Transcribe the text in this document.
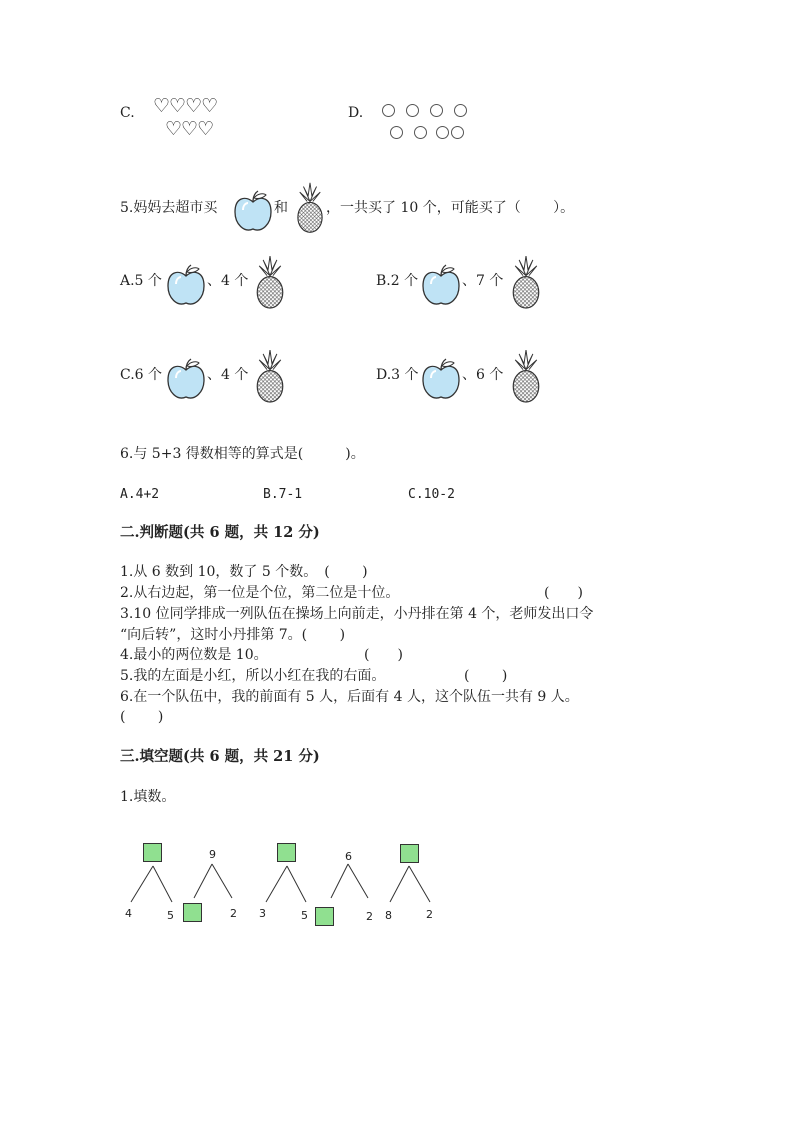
C. ♡♡♡♡
♡♡♡
D.
5.妈妈去超市买	和	，一共买了 10 个，可能买了（　　 ）。
A.5 个	、4 个	B.2 个	、7 个
C.6 个	、4 个	D.3 个	、6 个
6.与 5+3 得数相等的算式是(　　　)。
A.4+2	B.7-1	C.10-2
二.判断题(共 6 题，共 12 分)
1.从 6 数到 10，数了 5 个数。　(　　 )
2.从右边起，第一位是个位，第二位是十位。	(　　)
3.10 位同学排成一列队伍在操场上向前走，小丹排在第 4 个，老师发出口令
“向后转”，这时小丹排第 7。(　　 )
4.最小的两位数是 10。	(　　)
5.我的左面是小红，所以小红在我的右面。	(　　 )
6.在一个队伍中，我的前面有 5 人，后面有 4 人，这个队伍一共有 9 人。
(　　 )
三.填空题(共 6 题，共 21 分)
1.填数。
4	5
9
2 3	5
6
2 8	2
